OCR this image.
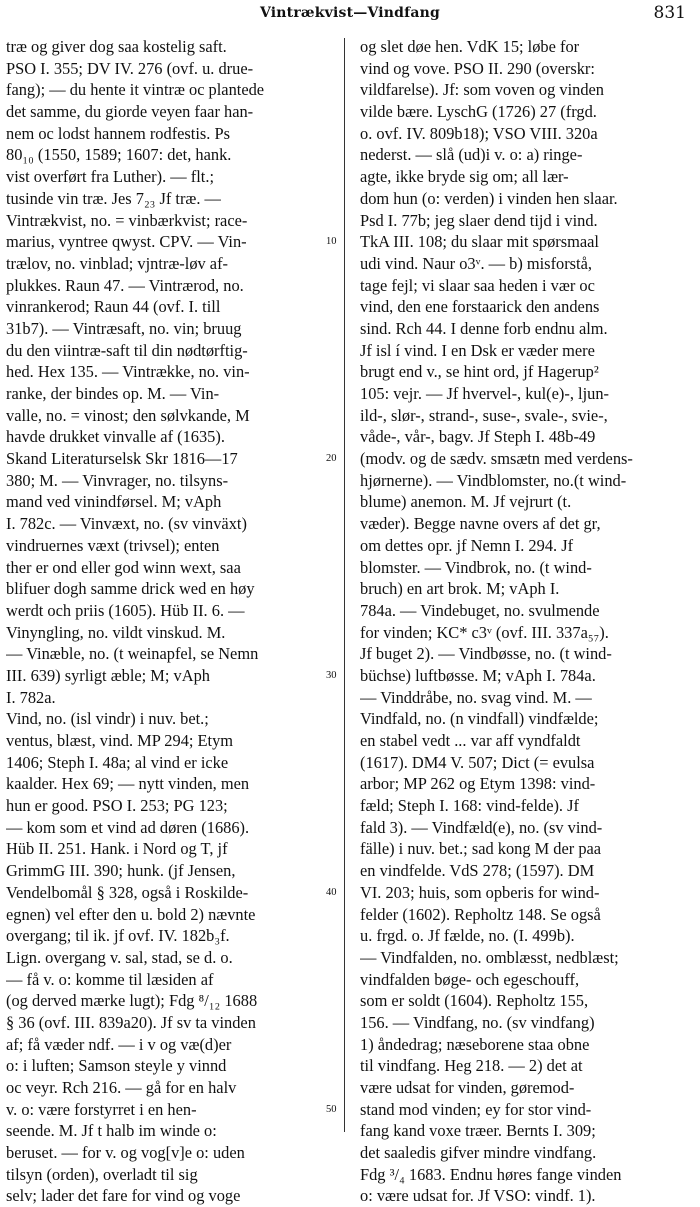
Vintrækvist—Vindfang	831
træ og giver dog saa kostelig saft.
PSO I. 355; DV IV. 276 (ovf. u. drue-
fang); — du hente it vintræ oc plantede
det samme, du giorde veyen faar han-
nem oc lodst hannem rodfestis. Ps
80₁₀ (1550, 1589; 1607: det, hank.
vist overført fra Luther). — flt.;
tusinde vin træ. Jes 7₂₃ Jf træ. —
Vintrækvist, no. = vinbærkvist; race-
marius, vyntree qwyst. CPV. — Vin-
trælov, no. vinblad; vjntræ-løv af-
plukkes. Raun 47. — Vintrærod, no.
vinrankerod; Raun 44 (ovf. I. till
31b7). — Vintræsaft, no. vin; bruug
du den viintræ-saft til din nødtørftig-
hed. Hex 135. — Vintrække, no. vin-
ranke, der bindes op. M. — Vin-
valle, no. = vinost; den sølvkande, M
havde drukket vinvalle af (1635).
Skand Literaturselsk Skr 1816—17
380; M. — Vinvrager, no. tilsyns-
mand ved vinindførsel. M; vAph
I. 782c. — Vinvæxt, no. (sv vinväxt)
vindruernes væxt (trivsel); enten
ther er ond eller god winn wext, saa
blifuer dogh samme drick wed en høy
werdt och priis (1605). Hüb II. 6. —
Vinyngling, no. vildt vinskud. M.
— Vinæble, no. (t weinapfel, se Nemn
III. 639) syrligt æble; M; vAph
I. 782a.
Vind, no. (isl vindr) i nuv. bet.;
ventus, blæst, vind. MP 294; Etym
1406; Steph I. 48a; al vind er icke
kaalder. Hex 69; — nytt vinden, men
hun er good. PSO I. 253; PG 123;
— kom som et vind ad døren (1686).
Hüb II. 251. Hank. i Nord og T, jf
GrimmG III. 390; hunk. (jf Jensen,
Vendelbomål § 328, også i Roskilde-
egnen) vel efter den u. bold 2) nævnte
overgang; til ik. jf ovf. IV. 182b₃f.
Lign. overgang v. sal, stad, se d. o.
— få v. o: komme til læsiden af
(og derved mærke lugt); Fdg ⁸/₁₂ 1688
§ 36 (ovf. III. 839a20). Jf sv ta vinden
af; få væder ndf. — i v og væ(d)er
o: i luften; Samson steyle y vinnd
oc veyr. Rch 216. — gå for en halv
v. o: være forstyrret i en hen-
seende. M. Jf t halb im winde o:
beruset. — for v. og vog[v]e o: uden
tilsyn (orden), overladt til sig
selv; lader det fare for vind og voge
10
20
30
40
50
og slet døe hen. VdK 15; løbe for
vind og vove. PSO II. 290 (overskr:
vildfarelse). Jf: som voven og vinden
vilde bære. LyschG (1726) 27 (frgd.
o. ovf. IV. 809b18); VSO VIII. 320a
nederst. — slå (ud)i v. o: a) ringe-
agte, ikke bryde sig om; all lær-
dom hun (o: verden) i vinden hen slaar.
Psd I. 77b; jeg slaer dend tijd i vind.
TkA III. 108; du slaar mit spørsmaal
udi vind. Naur o3ᵛ. — b) misforstå,
tage fejl; vi slaar saa heden i vær oc
vind, den ene forstaarick den andens
sind. Rch 44. I denne forb endnu alm.
Jf isl í vind. I en Dsk er væder mere
brugt end v., se hint ord, jf Hagerup²
105: vejr. — Jf hvervel-, kul(e)-, ljun-
ild-, slør-, strand-, suse-, svale-, svie-,
våde-, vår-, bagv. Jf Steph I. 48b-49
(modv. og de sædv. smsætn med verdens-
hjørnerne). — Vindblomster, no.(t wind-
blume) anemon. M. Jf vejrurt (t.
væder). Begge navne overs af det gr,
om dettes opr. jf Nemn I. 294. Jf
blomster. — Vindbrok, no. (t wind-
bruch) en art brok. M; vAph I.
784a. — Vindebuget, no. svulmende
for vinden; KC* c3ᵛ (ovf. III. 337a₅₇).
Jf buget 2). — Vindbøsse, no. (t wind-
büchse) luftbøsse. M; vAph I. 784a.
— Vinddråbe, no. svag vind. M. —
Vindfald, no. (n vindfall) vindfælde;
en stabel vedt ... var aff vyndfaldt
(1617). DM4 V. 507; Dict (= evulsa
arbor; MP 262 og Etym 1398: vind-
fæld; Steph I. 168: vind-felde). Jf
fald 3). — Vindfæld(e), no. (sv vind-
fälle) i nuv. bet.; sad kong M der paa
en vindfelde. VdS 278; (1597). DM
VI. 203; huis, som opberis for wind-
felder (1602). Repholtz 148. Se også
u. frgd. o. Jf fælde, no. (I. 499b).
— Vindfalden, no. omblæsst, nedblæst;
vindfalden bøge- och egeschouff,
som er soldt (1604). Repholtz 155,
156. — Vindfang, no. (sv vindfang)
1) åndedrag; næseborene staa obne
til vindfang. Heg 218. — 2) det at
være udsat for vinden, gøremod-
stand mod vinden; ey for stor vind-
fang kand voxe træer. Bernts I. 309;
det saaledis gifver mindre vindfang.
Fdg ³/₄ 1683. Endnu høres fange vinden
o: være udsat for. Jf VSO: vindf. 1).
